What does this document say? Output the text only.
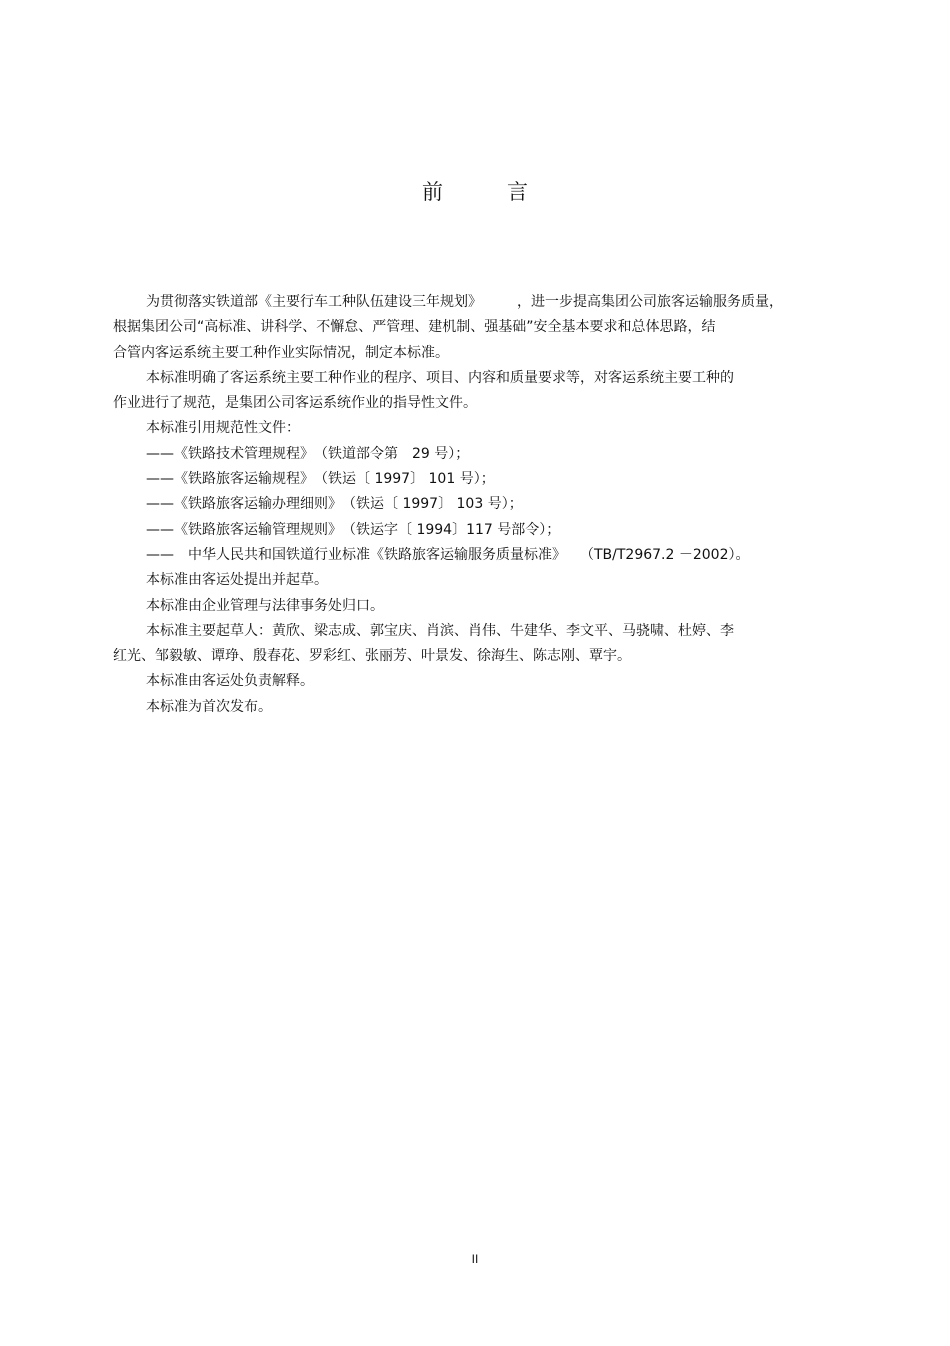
前	言
为贯彻落实铁道部《主要行车工种队伍建设三年规划》　　　，进一步提高集团公司旅客运输服务质量，
根据集团公司“高标准、讲科学、不懈怠、严管理、建机制、强基础”安全基本要求和总体思路，结
合管内客运系统主要工种作业实际情况，制定本标准。
本标准明确了客运系统主要工种作业的程序、项目、内容和质量要求等，对客运系统主要工种的
作业进行了规范，是集团公司客运系统作业的指导性文件。
本标准引用规范性文件：
——《铁路技术管理规程》　（铁道部令第　29 号）；
——《铁路旅客运输规程》　（铁运〔 1997〕 101 号）；
——《铁路旅客运输办理细则》　（铁运〔 1997〕 103 号）；
——《铁路旅客运输管理规则》　（铁运字〔 1994〕117 号部令）；
——　中华人民共和国铁道行业标准《铁路旅客运输服务质量标准》　　（TB/T2967.2 －2002）。
本标准由客运处提出并起草。
本标准由企业管理与法律事务处归口。
本标准主要起草人：黄欣、梁志成、郭宝庆、肖滨、肖伟、牛建华、李文平、马骁啸、杜婷、李
红光、邹毅敏、谭琤、殷春花、罗彩红、张丽芳、叶景发、徐海生、陈志刚、覃宇。
本标准由客运处负责解释。
本标准为首次发布。
II
